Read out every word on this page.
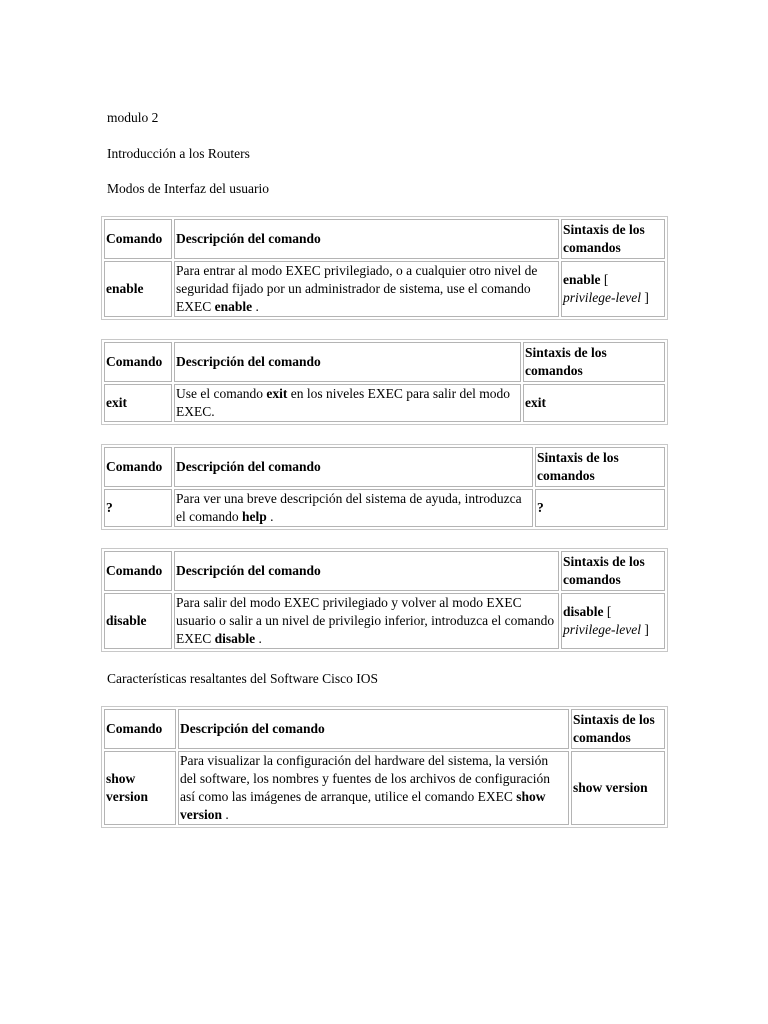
modulo 2
Introducción a los Routers
Modos de Interfaz del usuario
Comando	Descripción del comando	Sintaxis de los comandos
enable	Para entrar al modo EXEC privilegiado, o a cualquier otro nivel de seguridad fijado por un administrador de sistema, use el comando EXEC enable .	enable [ privilege-level ]
Comando	Descripción del comando	Sintaxis de los comandos
exit	Use el comando exit en los niveles EXEC para salir del modo EXEC.	exit
Comando	Descripción del comando	Sintaxis de los comandos
?	Para ver una breve descripción del sistema de ayuda, introduzca el comando help .	?
Comando	Descripción del comando	Sintaxis de los comandos
disable	Para salir del modo EXEC privilegiado y volver al modo EXEC usuario o salir a un nivel de privilegio inferior, introduzca el comando EXEC disable .	disable [ privilege-level ]
Características resaltantes del Software Cisco IOS
Comando	Descripción del comando	Sintaxis de los comandos
show version	Para visualizar la configuración del hardware del sistema, la versión del software, los nombres y fuentes de los archivos de configuración así como las imágenes de arranque, utilice el comando EXEC show version .	show version
